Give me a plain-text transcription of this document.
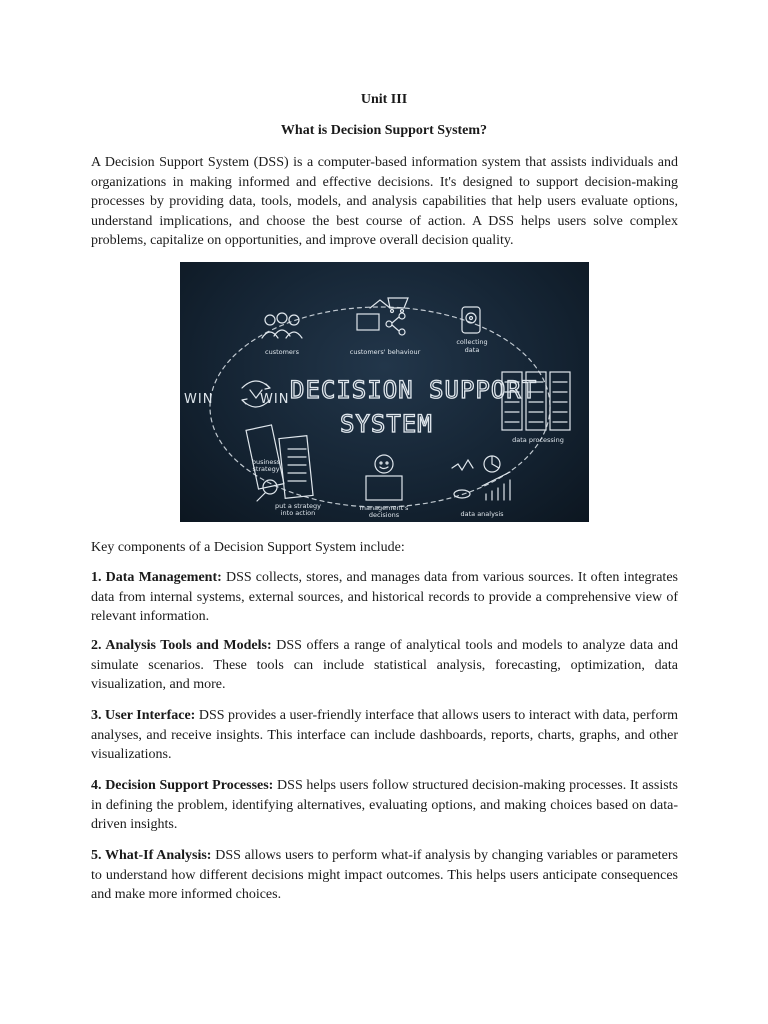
Unit III
What is Decision Support System?

A Decision Support System (DSS) is a computer-based information system that assists individuals and organizations in making informed and effective decisions. It's designed to support decision-making processes by providing data, tools, models, and analysis capabilities that help users evaluate options, understand implications, and choose the best course of action. A DSS helps users solve complex problems, capitalize on opportunities, and improve overall decision quality.

DECISION SUPPORT
SYSTEM
WIN	WIN
customers	customers' behaviour
collecting
data
data processing
data analysis
management's
decisions
put a strategy
into action
business
strategy

Key components of a Decision Support System include:

1. Data Management: DSS collects, stores, and manages data from various sources. It often integrates data from internal systems, external sources, and historical records to provide a comprehensive view of relevant information.

2. Analysis Tools and Models: DSS offers a range of analytical tools and models to analyze data and simulate scenarios. These tools can include statistical analysis, forecasting, optimization, data visualization, and more.

3. User Interface: DSS provides a user-friendly interface that allows users to interact with data, perform analyses, and receive insights. This interface can include dashboards, reports, charts, graphs, and other visualizations.

4. Decision Support Processes: DSS helps users follow structured decision-making processes. It assists in defining the problem, identifying alternatives, evaluating options, and making choices based on data-driven insights.

5. What-If Analysis: DSS allows users to perform what-if analysis by changing variables or parameters to understand how different decisions might impact outcomes. This helps users anticipate consequences and make more informed choices.
